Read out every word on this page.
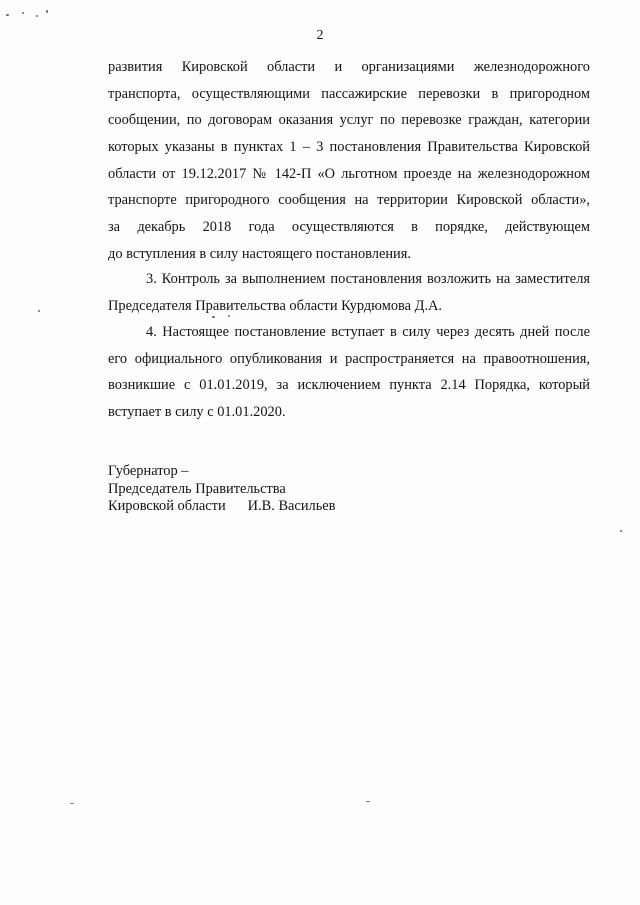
2
развития Кировской области и организациями железнодорожного
транспорта, осуществляющими пассажирские перевозки в пригородном
сообщении, по договорам оказания услуг по перевозке граждан, категории
которых указаны в пунктах 1 – 3 постановления Правительства Кировской
области от 19.12.2017 № 142-П «О льготном проезде на железнодорожном
транспорте пригородного сообщения на территории Кировской области»,
за декабрь 2018 года осуществляются в порядке, действующем
до вступления в силу настоящего постановления.
3. Контроль за выполнением постановления возложить на заместителя
Председателя Правительства области Курдюмова Д.А.
4. Настоящее постановление вступает в силу через десять дней после
его официального опубликования и распространяется на правоотношения,
возникшие с 01.01.2019, за исключением пункта 2.14 Порядка, который
вступает в силу с 01.01.2020.
Губернатор –
Председатель Правительства
Кировской области И.В. Васильев
